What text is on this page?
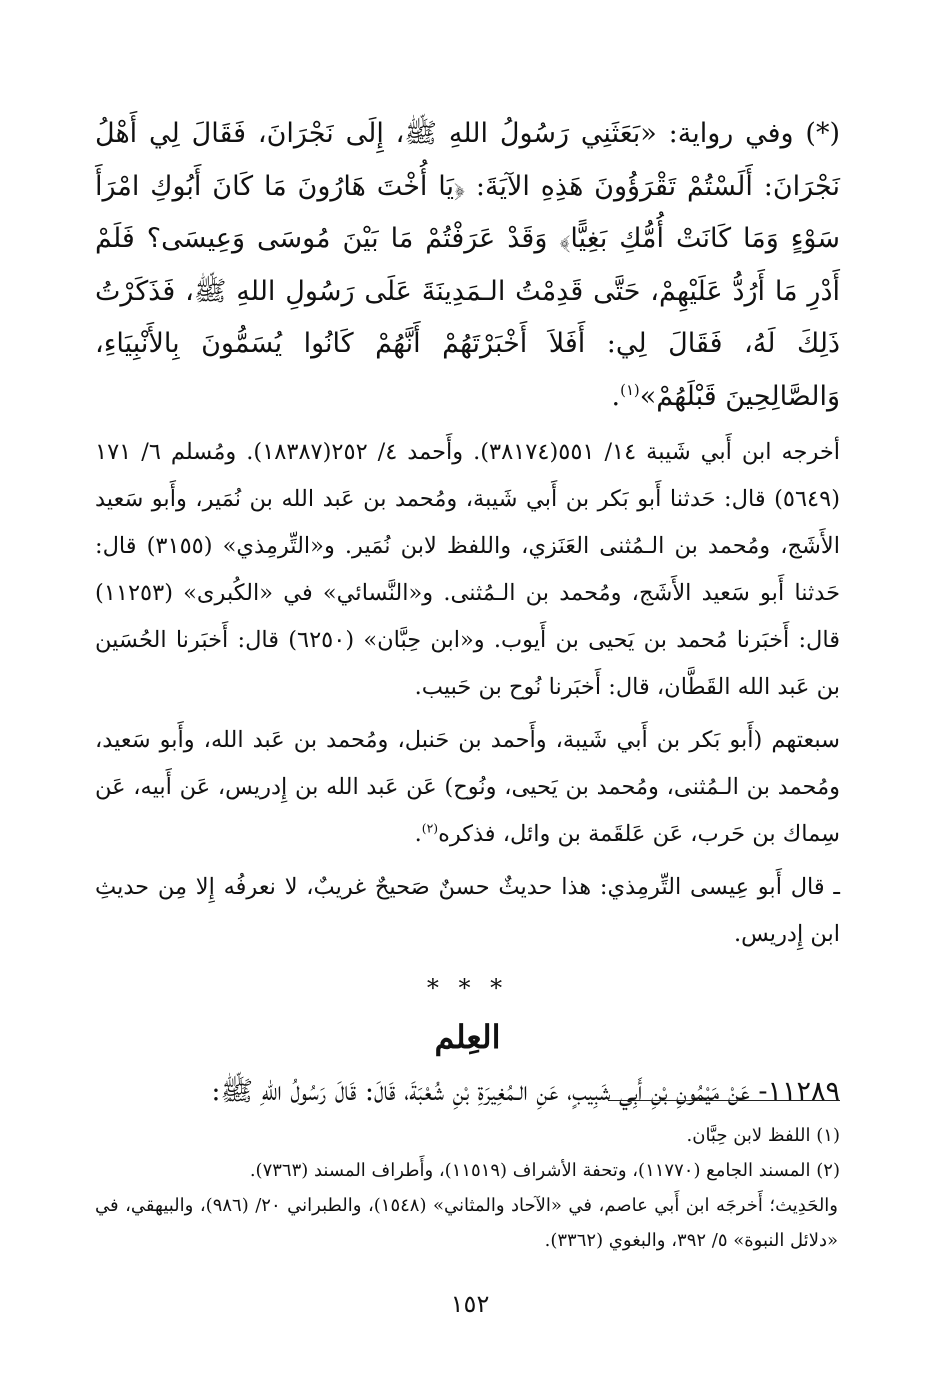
(*) وفي رواية: «بَعَثَنِي رَسُولُ اللهِ ﷺ، إِلَى نَجْرَانَ، فَقَالَ لِي أَهْلُ نَجْرَانَ: أَلَسْتُمْ تَقْرَؤُونَ هَذِهِ الآيَةَ: ﴿يَا أُخْتَ هَارُونَ مَا كَانَ أَبُوكِ امْرَأَ سَوْءٍ وَمَا كَانَتْ أُمُّكِ بَغِيًّا﴾ وَقَدْ عَرَفْتُمْ مَا بَيْنَ مُوسَى وَعِيسَى؟ فَلَمْ أَدْرِ مَا أَرُدُّ عَلَيْهِمْ، حَتَّى قَدِمْتُ الـمَدِينَةَ عَلَى رَسُولِ اللهِ ﷺ، فَذَكَرْتُ ذَلِكَ لَهُ، فَقَالَ لِي: أَفَلاَ أَخْبَرْتَهُمْ أَنَّهُمْ كَانُوا يُسَمُّونَ بِالأَنْبِيَاءِ، وَالصَّالِحِينَ قَبْلَهُمْ»$^{(١)}$.

أخرجه ابن أَبي شَيبة ١٤/ ٥٥١(٣٨١٧٤). وأَحمد ٤/ ٢٥٢(١٨٣٨٧). ومُسلم ٦/ ١٧١ (٥٦٤٩) قال: حَدثنا أَبو بَكر بن أَبي شَيبة، ومُحمد بن عَبد الله بن نُمَير، وأَبو سَعيد الأَشَج، ومُحمد بن الـمُثنى العَنَزي، واللفظ لابن نُمَير. و«التِّرمِذي» (٣١٥٥) قال: حَدثنا أَبو سَعيد الأَشَج، ومُحمد بن الـمُثنى. و«النَّسائي» في «الكُبرى» (١١٢٥٣) قال: أَخبَرنا مُحمد بن يَحيى بن أَيوب. و«ابن حِبَّان» (٦٢٥٠) قال: أَخبَرنا الحُسَين بن عَبد الله القَطَّان، قال: أَخبَرنا نُوح بن حَبيب.

سبعتهم (أَبو بَكر بن أَبي شَيبة، وأَحمد بن حَنبل، ومُحمد بن عَبد الله، وأَبو سَعيد، ومُحمد بن الـمُثنى، ومُحمد بن يَحيى، ونُوح) عَن عَبد الله بن إِدريس، عَن أَبيه، عَن سِماك بن حَرب، عَن عَلقَمة بن وائل، فذكره$^{(٢)}$.

ـ قال أَبو عِيسى التِّرمِذي: هذا حديثٌ حسنٌ صَحيحٌ غريبٌ، لا نعرفُه إِلا مِن حديثِ ابن إِدريس.

* * *
العِلم

١١٢٨٩- عَنْ مَيْمُونِ بْنِ أَبِي شَبِيبٍ، عَنِ الـمُغِيرَةِ بْنِ شُعْبَةَ، قَالَ: قَالَ رَسُولُ اللهِ ﷺ:

(١) اللفظ لابن حِبَّان.

(٢) المسند الجامع (١١٧٧٠)، وتحفة الأشراف (١١٥١٩)، وأَطراف المسند (٧٣٦٣).

والحَدِيث؛ أَخرجَه ابن أَبي عاصم، في «الآحاد والمثاني» (١٥٤٨)، والطبراني ٢٠/ (٩٨٦)، والبيهقي، في «دلائل النبوة» ٥/ ٣٩٢، والبغوي (٣٣٦٢).

١٥٢
